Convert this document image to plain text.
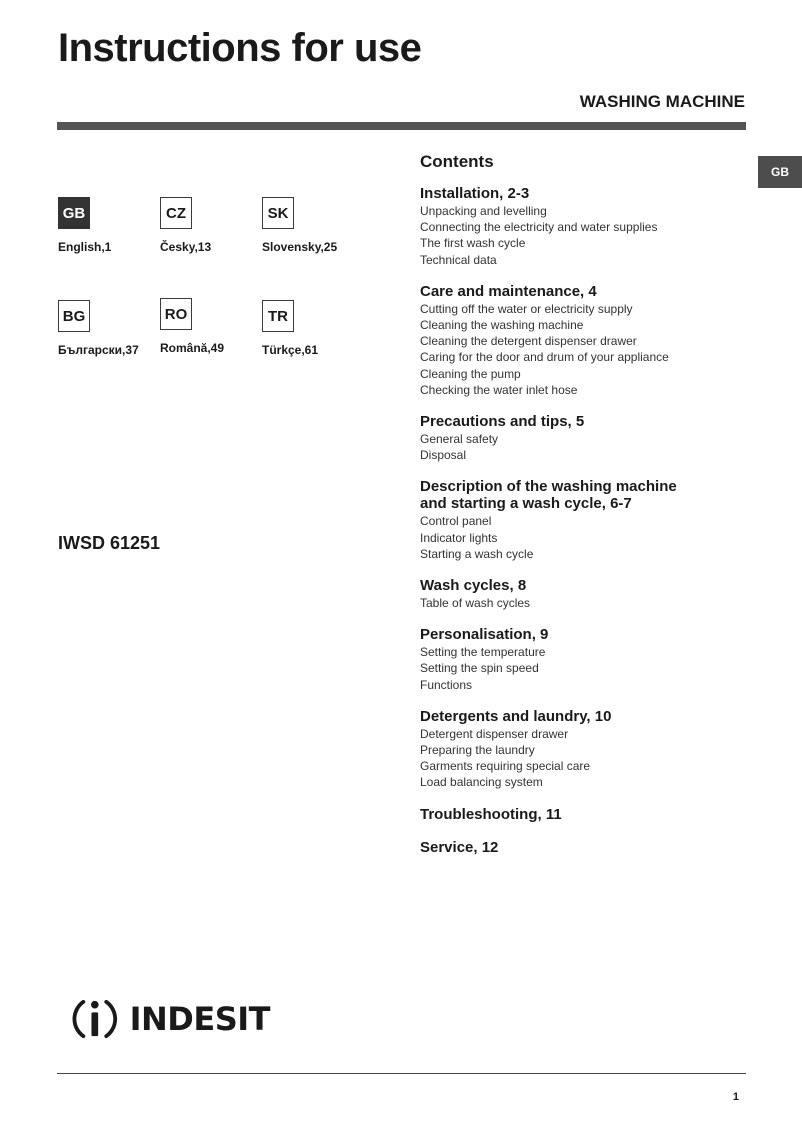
Instructions for use
WASHING MACHINE
GB
GB
English,1
CZ
Česky,13
SK
Slovensky,25
BG
Български,37
RO
Română,49
TR
Türkçe,61
IWSD 61251
Contents
Installation, 2-3
Unpacking and levelling
Connecting the electricity and water supplies
The first wash cycle
Technical data
Care and maintenance, 4
Cutting off the water or electricity supply
Cleaning the washing machine
Cleaning the detergent dispenser drawer
Caring for the door and drum of your appliance
Cleaning the pump
Checking the water inlet hose
Precautions and tips, 5
General safety
Disposal
Description of the washing machine
and starting a wash cycle, 6-7
Control panel
Indicator lights
Starting a wash cycle
Wash cycles, 8
Table of wash cycles
Personalisation, 9
Setting the temperature
Setting the spin speed
Functions
Detergents and laundry, 10
Detergent dispenser drawer
Preparing the laundry
Garments requiring special care
Load balancing system
Troubleshooting, 11
Service, 12
INDESIT
1
